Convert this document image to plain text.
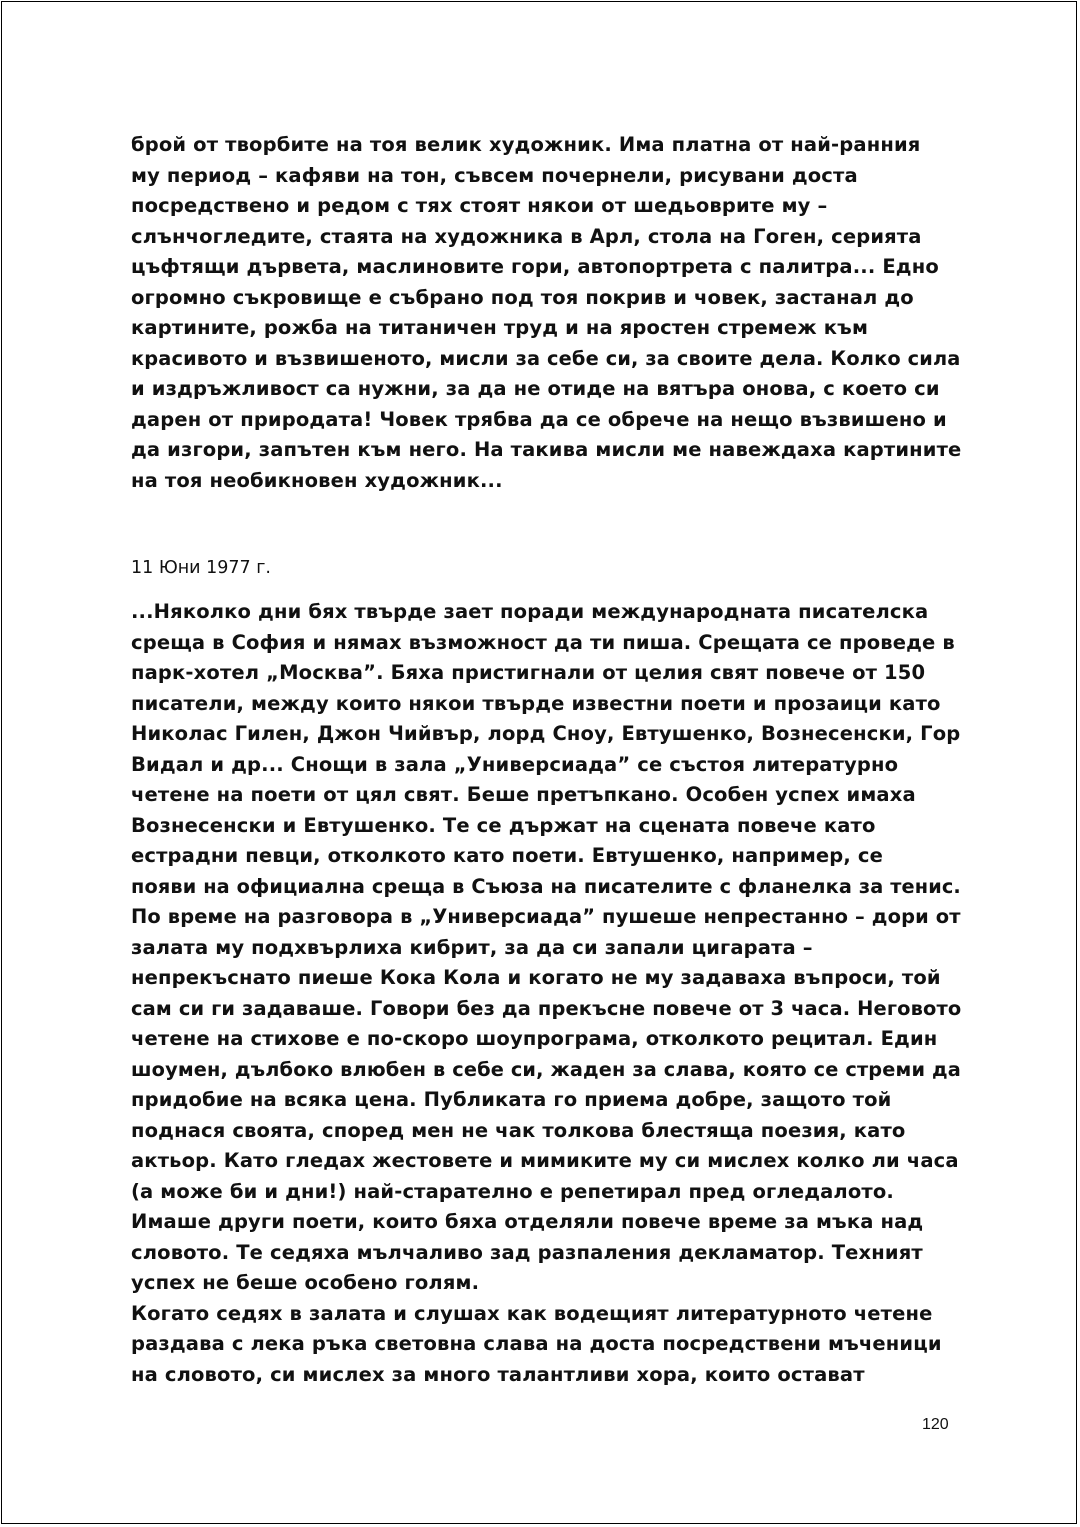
брой от творбите на тоя велик художник. Има платна от най-ранния
му период – кафяви на тон, съвсем почернели, рисувани доста
посредствено и редом с тях стоят някои от шедьоврите му –
слънчогледите, стаята на художника в Арл, стола на Гоген, серията
цъфтящи дървета, маслиновите гори, автопортрета с палитра... Едно
огромно съкровище е събрано под тоя покрив и човек, застанал до
картините, рожба на титаничен труд и на яростен стремеж към
красивото и възвишеното, мисли за себе си, за своите дела. Колко сила
и издръжливост са нужни, за да не отиде на вятъра онова, с което си
дарен от природата! Човек трябва да се обрече на нещо възвишено и
да изгори, запътен към него. На такива мисли ме навеждаха картините
на тоя необикновен художник...
11 Юни 1977 г.
...Няколко дни бях твърде зает поради международната писателска
среща в София и нямах възможност да ти пиша. Срещата се проведе в
парк-хотел „Москва”. Бяха пристигнали от целия свят повече от 150
писатели, между които някои твърде известни поети и прозаици като
Николас Гилен, Джон Чийвър, лорд Сноу, Евтушенко, Вознесенски, Гор
Видал и др... Снощи в зала „Универсиада” се състоя литературно
четене на поети от цял свят. Беше претъпкано. Особен успех имаха
Вознесенски и Евтушенко. Те се държат на сцената повече като
естрадни певци, отколкото като поети. Евтушенко, например, се
появи на официална среща в Съюза на писателите с фланелка за тенис.
По време на разговора в „Универсиада” пушеше непрестанно – дори от
залата му подхвърлиха кибрит, за да си запали цигарата –
непрекъснато пиеше Кока Кола и когато не му задаваха въпроси, той
сам си ги задаваше. Говори без да прекъсне повече от 3 часа. Неговото
четене на стихове е по-скоро шоупрограма, отколкото рецитал. Един
шоумен, дълбоко влюбен в себе си, жаден за слава, която се стреми да
придобие на всяка цена. Публиката го приема добре, защото той
поднася своята, според мен не чак толкова блестяща поезия, като
актьор. Като гледах жестовете и мимиките му си мислех колко ли часа
(а може би и дни!) най-старателно е репетирал пред огледалото.
Имаше други поети, които бяха отделяли повече време за мъка над
словото. Те седяха мълчаливо зад разпаления декламатор. Техният
успех не беше особено голям.
Когато седях в залата и слушах как водещият литературното четене
раздава с лека ръка световна слава на доста посредствени мъченици
на словото, си мислех за много талантливи хора, които остават
120
